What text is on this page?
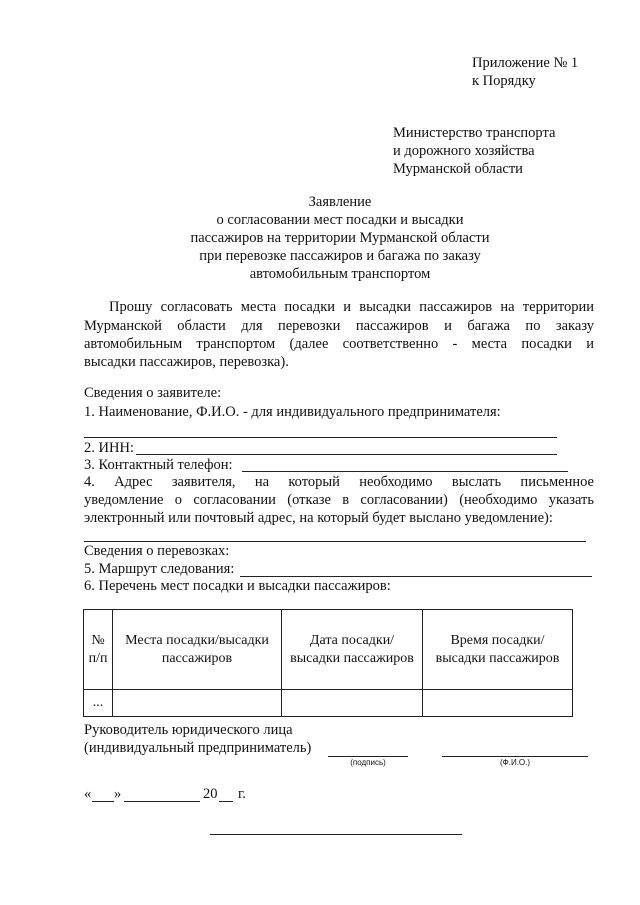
Приложение № 1
к Порядку
Министерство транспорта
и дорожного хозяйства
Мурманской области
Заявление
о согласовании мест посадки и высадки
пассажиров на территории Мурманской области
при перевозке пассажиров и багажа по заказу
автомобильным транспортом
Прошу согласовать места посадки и высадки пассажиров на территории
Мурманской области для перевозки пассажиров и багажа по заказу
автомобильным транспортом (далее соответственно - места посадки и
высадки пассажиров, перевозка).
Сведения о заявителе:
1. Наименование, Ф.И.О. - для индивидуального предпринимателя:
2. ИНН:
3. Контактный телефон:
4. Адрес заявителя, на который необходимо выслать письменное
уведомление о согласовании (отказе в согласовании) (необходимо указать
электронный или почтовый адрес, на который будет выслано уведомление):
Сведения о перевозках:
5. Маршрут следования:
6. Перечень мест посадки и высадки пассажиров:
№ п/п	Места посадки/высадки пассажиров	Дата посадки/высадки пассажиров	Время посадки/высадки пассажиров
...			
Руководитель юридического лица
(индивидуальный предприниматель)
(подпись)	(Ф.И.О.)
« »	20 г.
